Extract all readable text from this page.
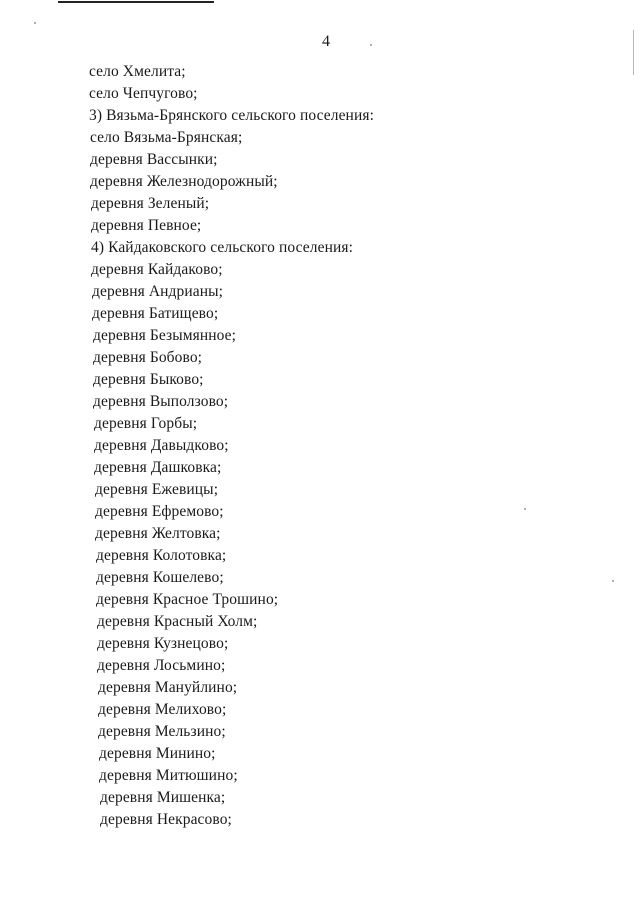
4
село Хмелита;
село Чепчугово;
3) Вязьма-Брянского сельского поселения:
село Вязьма-Брянская;
деревня Вассынки;
деревня Железнодорожный;
деревня Зеленый;
деревня Певное;
4) Кайдаковского сельского поселения:
деревня Кайдаково;
деревня Андрианы;
деревня Батищево;
деревня Безымянное;
деревня Бобово;
деревня Быково;
деревня Выползово;
деревня Горбы;
деревня Давыдково;
деревня Дашковка;
деревня Ежевицы;
деревня Ефремово;
деревня Желтовка;
деревня Колотовка;
деревня Кошелево;
деревня Красное Трошино;
деревня Красный Холм;
деревня Кузнецово;
деревня Лосьмино;
деревня Мануйлино;
деревня Мелихово;
деревня Мельзино;
деревня Минино;
деревня Митюшино;
деревня Мишенка;
деревня Некрасово;
